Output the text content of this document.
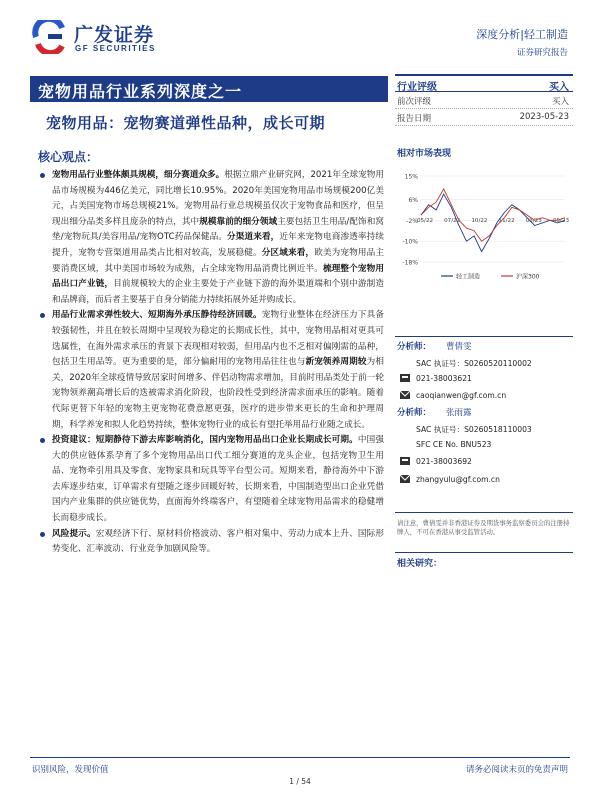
广发证券
GF SECURITIES
深度分析|轻工制造
证券研究报告
宠物用品行业系列深度之一
宠物用品：宠物赛道弹性品种，成长可期
行业评级	买入
前次评级	买入
报告日期	2023-05-23
核心观点：
宠物用品行业整体颇具规模，细分赛道众多。根据立鼎产业研究网，2021年全球宠物用品市场规模为446亿美元，同比增长10.95%。2020年美国宠物用品市场规模200亿美元，占美国宠物市场总规模21%。宠物用品行业总规模虽仅次于宠物食品和医疗，但呈现出细分品类多样且庞杂的特点，其中规模靠前的细分领域主要包括卫生用品/配饰和窝垫/宠物玩具/美容用品/宠物OTC药品保健品。分渠道来看，近年来宠物电商渗透率持续提升，宠物专营渠道用品类占比相对较高，发展稳健。分区域来看，欧美为宠物用品主要消费区域，其中美国市场较为成熟，占全球宠物用品消费比例近半。梳理整个宠物用品出口产业链，目前规模较大的企业主要处于产业链下游的海外渠道端和个别中游制造和品牌商，而后者主要基于自身分销能力持续拓展外延并购成长。
用品行业需求弹性较大、短期海外承压静待经济回暖。宠物行业整体在经济压力下具备较强韧性，并且在较长周期中呈现较为稳定的长期成长性，其中，宠物用品相对更具可选属性，在海外需求承压的背景下表现相对较弱，但用品内也不乏相对偏刚需的品种，包括卫生用品等。更为重要的是，部分偏耐用的宠物用品往往也与新宠领养周期较为相关，2020年全球疫情导致居家时间增多、伴侣动物需求增加，目前时用品类处于前一轮宠物领养潮高增长后的迭被需求消化阶段，也阶段性受到经济需求面承压的影响。随着代际更替下年轻的宠物主更宠物花费意愿更强，医疗的进步带来更长的生命和护理周期，科学养宠和拟人化趋势持续，整体宠物行业的成长有望托举用品行业随之成长。
投资建议：短期静待下游去库影响消化，国内宠物用品出口企业长期成长可期。中国强大的供应链体系孕育了多个宠物用品出口代工细分赛道的龙头企业，包括宠物卫生用品、宠物牵引用具及零食、宠物家具和玩具等平台型公司。短期来看，静待海外中下游去库逐步结束，订单需求有望随之逐步回暖好转，长期来看，中国制造型出口企业凭借国内产业集群的供应链优势，直面海外终端客户，有望随着全球宠物用品需求的稳健增长而稳步成长。
风险提示。宏观经济下行、原材料价格波动、客户相对集中、劳动力成本上升、国际形势变化、汇率波动、行业竞争加剧风险等。
相对市场表现
15%
6%
-2%
-10%
-18%
05/22 07/22 10/22 11/22 03/23 05/23
轻工制造	沪深300
分析师： 曹倩雯
SAC 执证号：S0260520110002
021-38003621
caoqianwen@gf.com.cn
分析师： 张雨露
SAC 执证号：S0260518110003
SFC CE No. BNU523
021-38003692
zhangyulu@gf.com.cn
请注意，曹倩雯并非香港证券及期货事务监察委员会的注册持牌人，不可在香港从事受监管活动。
相关研究：
识别风险，发现价值	请务必阅读末页的免责声明
1 / 54
